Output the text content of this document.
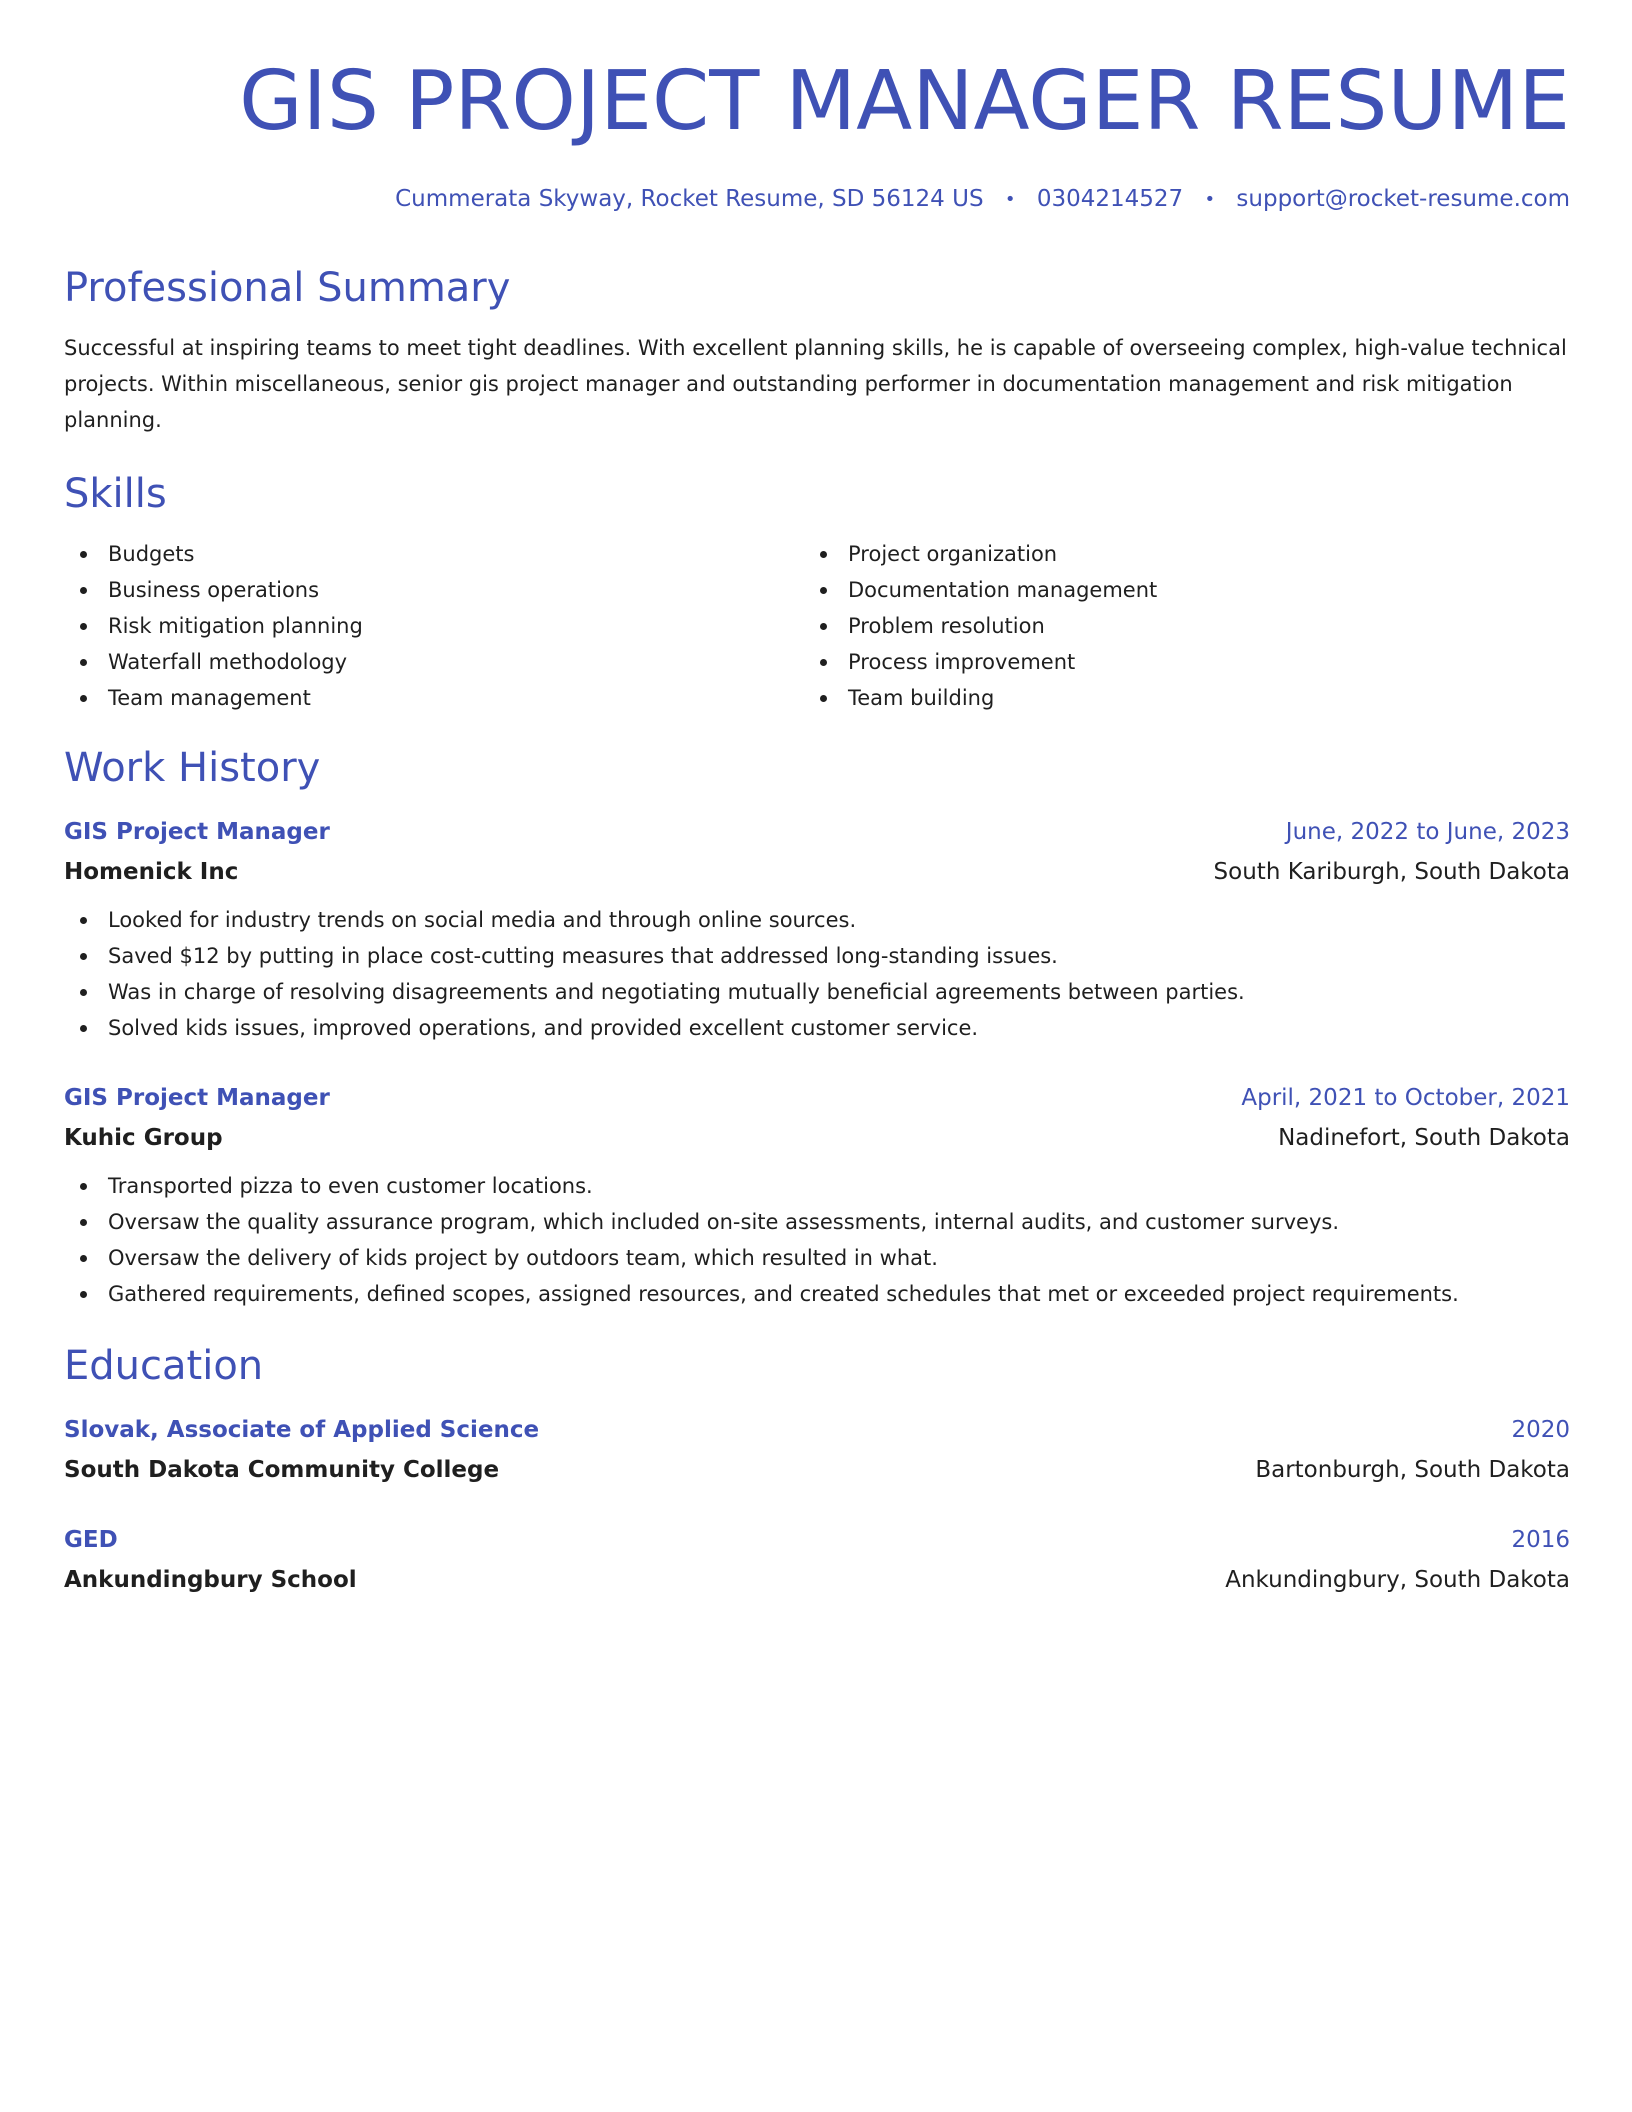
GIS PROJECT MANAGER RESUME
Cummerata Skyway, Rocket Resume, SD 56124 US • 0304214527 • support@rocket-resume.com
Professional Summary

Successful at inspiring teams to meet tight deadlines. With excellent planning skills, he is capable of overseeing complex, high-value technical projects. Within miscellaneous, senior gis project manager and outstanding performer in documentation management and risk mitigation planning.

Skills
Budgets
Business operations
Risk mitigation planning
Waterfall methodology
Team management
Project organization
Documentation management
Problem resolution
Process improvement
Team building
Work History
GIS Project Manager	June, 2022 to June, 2023
Homenick Inc	South Kariburgh, South Dakota
Looked for industry trends on social media and through online sources.
Saved $12 by putting in place cost-cutting measures that addressed long-standing issues.
Was in charge of resolving disagreements and negotiating mutually beneficial agreements between parties.
Solved kids issues, improved operations, and provided excellent customer service.
GIS Project Manager	April, 2021 to October, 2021
Kuhic Group	Nadinefort, South Dakota
Transported pizza to even customer locations.
Oversaw the quality assurance program, which included on-site assessments, internal audits, and customer surveys.
Oversaw the delivery of kids project by outdoors team, which resulted in what.
Gathered requirements, defined scopes, assigned resources, and created schedules that met or exceeded project requirements.
Education
Slovak, Associate of Applied Science	2020
South Dakota Community College	Bartonburgh, South Dakota
GED	2016
Ankundingbury School	Ankundingbury, South Dakota
